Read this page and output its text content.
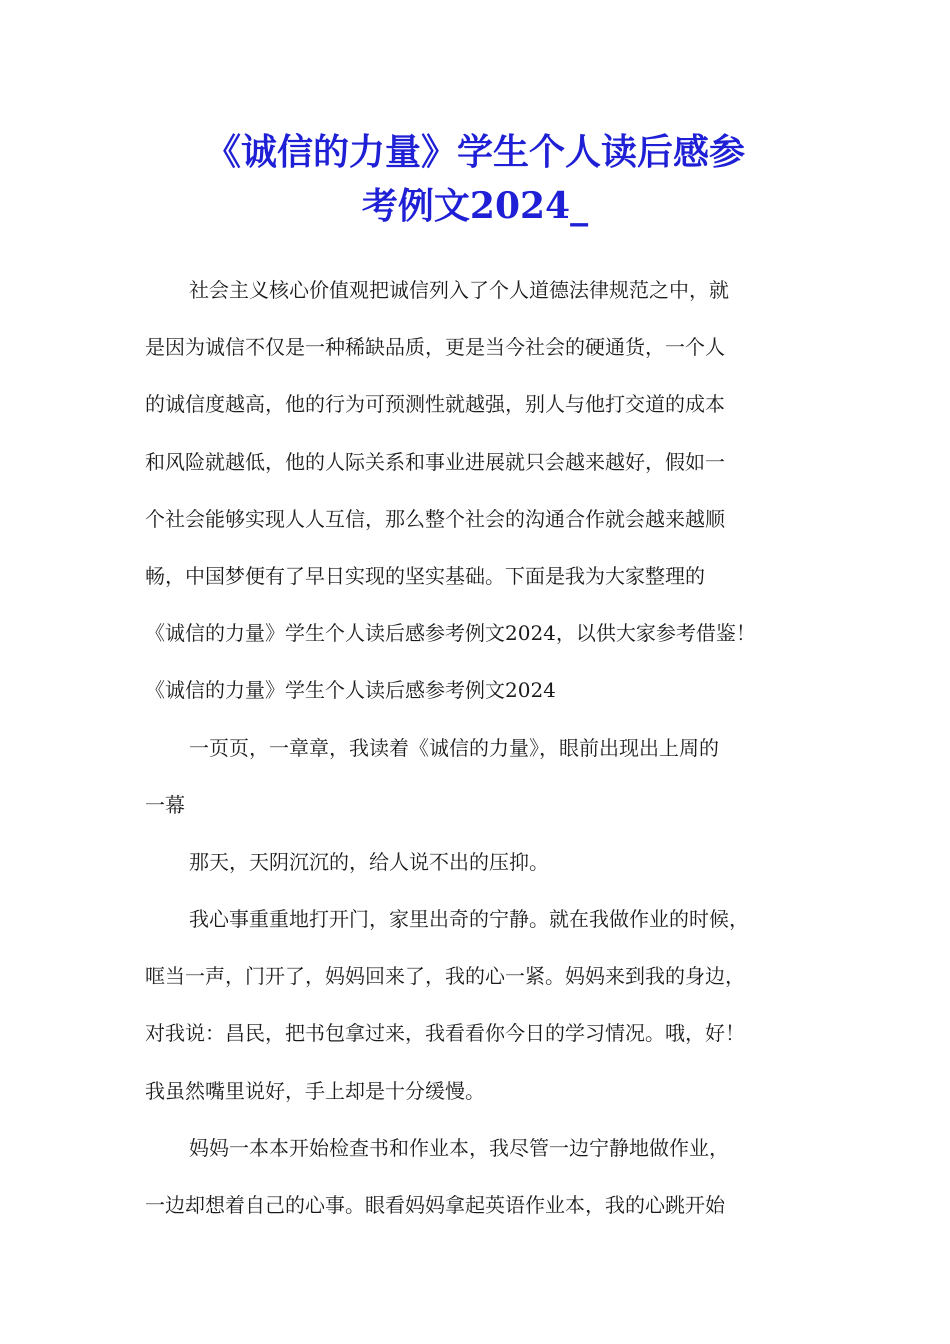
《诚信的力量》学生个人读后感参
考例文2024_
社会主义核心价值观把诚信列入了个人道德法律规范之中，就
是因为诚信不仅是一种稀缺品质，更是当今社会的硬通货，一个人
的诚信度越高，他的行为可预测性就越强，别人与他打交道的成本
和风险就越低，他的人际关系和事业进展就只会越来越好，假如一
个社会能够实现人人互信，那么整个社会的沟通合作就会越来越顺
畅，中国梦便有了早日实现的坚实基础。下面是我为大家整理的
《诚信的力量》学生个人读后感参考例文2024，以供大家参考借鉴！
《诚信的力量》学生个人读后感参考例文2024
一页页，一章章，我读着《诚信的力量》，眼前出现出上周的
一幕
那天，天阴沉沉的，给人说不出的压抑。
我心事重重地打开门，家里出奇的宁静。就在我做作业的时候，
哐当一声，门开了，妈妈回来了，我的心一紧。妈妈来到我的身边，
对我说：昌民，把书包拿过来，我看看你今日的学习情况。哦，好！
我虽然嘴里说好，手上却是十分缓慢。
妈妈一本本开始检查书和作业本，我尽管一边宁静地做作业，
一边却想着自己的心事。眼看妈妈拿起英语作业本，我的心跳开始
